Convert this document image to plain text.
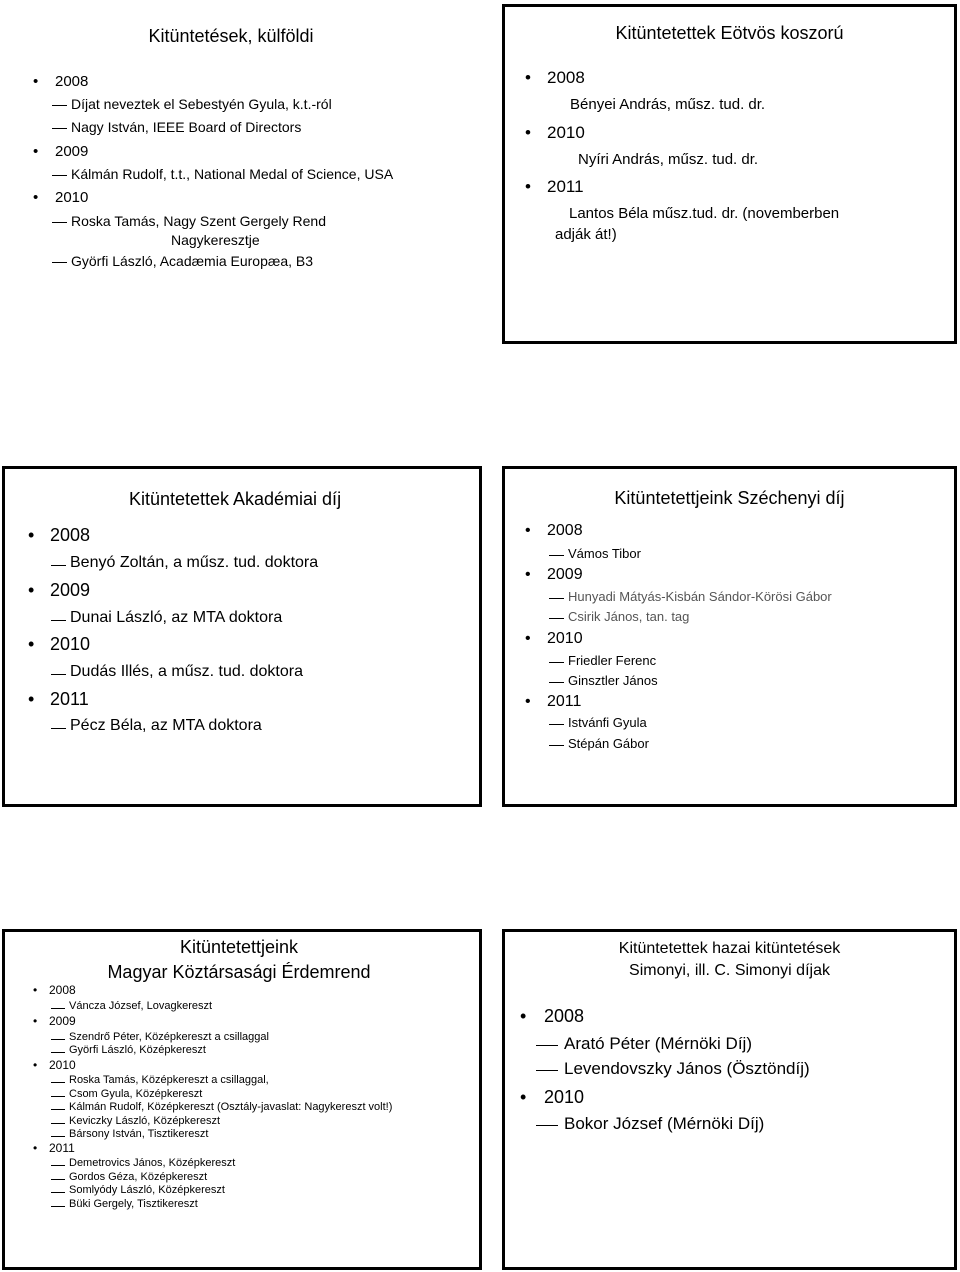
Kitüntetések, külföldi
• 2008
Díjat neveztek el Sebestyén Gyula, k.t.-ról
Nagy István, IEEE Board of Directors
• 2009
Kálmán Rudolf, t.t., National Medal of Science, USA
• 2010
Roska Tamás, Nagy Szent Gergely Rend
Nagykeresztje
Györfi László, Acadæmia Europæa, B3
Kitüntetettek Eötvös koszorú
• 2008
Bényei András, műsz. tud. dr.
• 2010
Nyíri András, műsz. tud. dr.
• 2011
Lantos Béla műsz.tud. dr. (novemberben
adják át!)
Kitüntetettek Akadémiai díj
• 2008
Benyó Zoltán, a műsz. tud. doktora
• 2009
Dunai László, az MTA doktora
• 2010
Dudás Illés, a műsz. tud. doktora
• 2011
Pécz Béla, az MTA doktora
Kitüntetettjeink Széchenyi díj
• 2008
Vámos Tibor
• 2009
Hunyadi Mátyás-Kisbán Sándor-Körösi Gábor
Csirik János, tan. tag
• 2010
Friedler Ferenc
Ginsztler János
• 2011
Istvánfi Gyula
Stépán Gábor
Kitüntetettjeink
Magyar Köztársasági Érdemrend
• 2008
Váncza József, Lovagkereszt
• 2009
Szendrő Péter, Középkereszt a csillaggal
Györfi László, Középkereszt
• 2010
Roska Tamás, Középkereszt a csillaggal,
Csom Gyula, Középkereszt
Kálmán Rudolf, Középkereszt (Osztály-javaslat: Nagykereszt volt!)
Keviczky László, Középkereszt
Bársony István, Tisztikereszt
• 2011
Demetrovics János, Középkereszt
Gordos Géza, Középkereszt
Somlyódy László, Középkereszt
Büki Gergely, Tisztikereszt
Kitüntetettek hazai kitüntetések
Simonyi, ill. C. Simonyi díjak
• 2008
Arató Péter (Mérnöki Díj)
Levendovszky János (Ösztöndíj)
• 2010
Bokor József (Mérnöki Díj)
